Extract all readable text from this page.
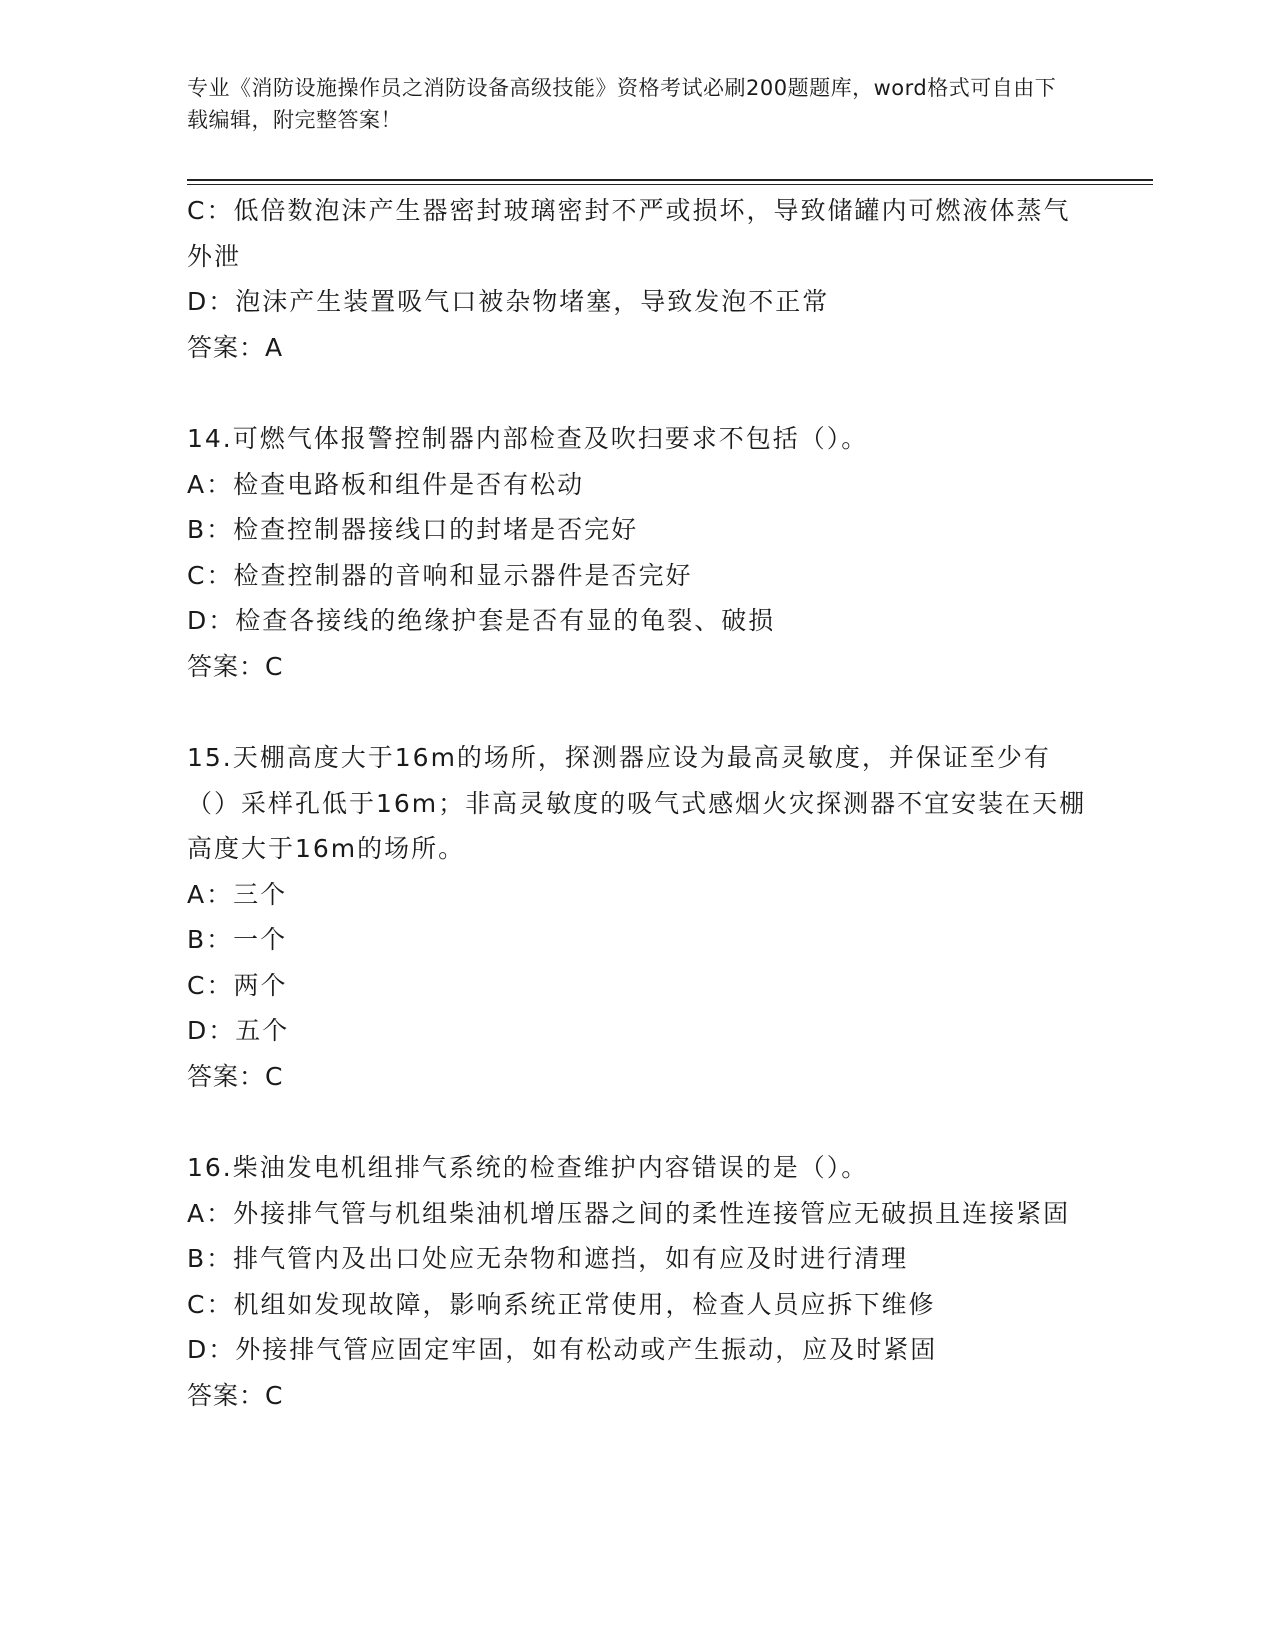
专业《消防设施操作员之消防设备高级技能》资格考试必刷200题题库，word格式可自由下载编辑，附完整答案！

C：低倍数泡沫产生器密封玻璃密封不严或损坏，导致储罐内可燃液体蒸气外泄

D：泡沫产生装置吸气口被杂物堵塞，导致发泡不正常

答案：A

14.可燃气体报警控制器内部检查及吹扫要求不包括（）。

A：检查电路板和组件是否有松动

B：检查控制器接线口的封堵是否完好

C：检查控制器的音响和显示器件是否完好

D：检查各接线的绝缘护套是否有显的龟裂、破损

答案：C

15.天棚高度大于16m的场所，探测器应设为最高灵敏度，并保证至少有（）采样孔低于16m；非高灵敏度的吸气式感烟火灾探测器不宜安装在天棚高度大于16m的场所。

A：三个

B：一个

C：两个

D：五个

答案：C

16.柴油发电机组排气系统的检查维护内容错误的是（）。

A：外接排气管与机组柴油机增压器之间的柔性连接管应无破损且连接紧固

B：排气管内及出口处应无杂物和遮挡，如有应及时进行清理

C：机组如发现故障，影响系统正常使用，检查人员应拆下维修

D：外接排气管应固定牢固，如有松动或产生振动，应及时紧固

答案：C
